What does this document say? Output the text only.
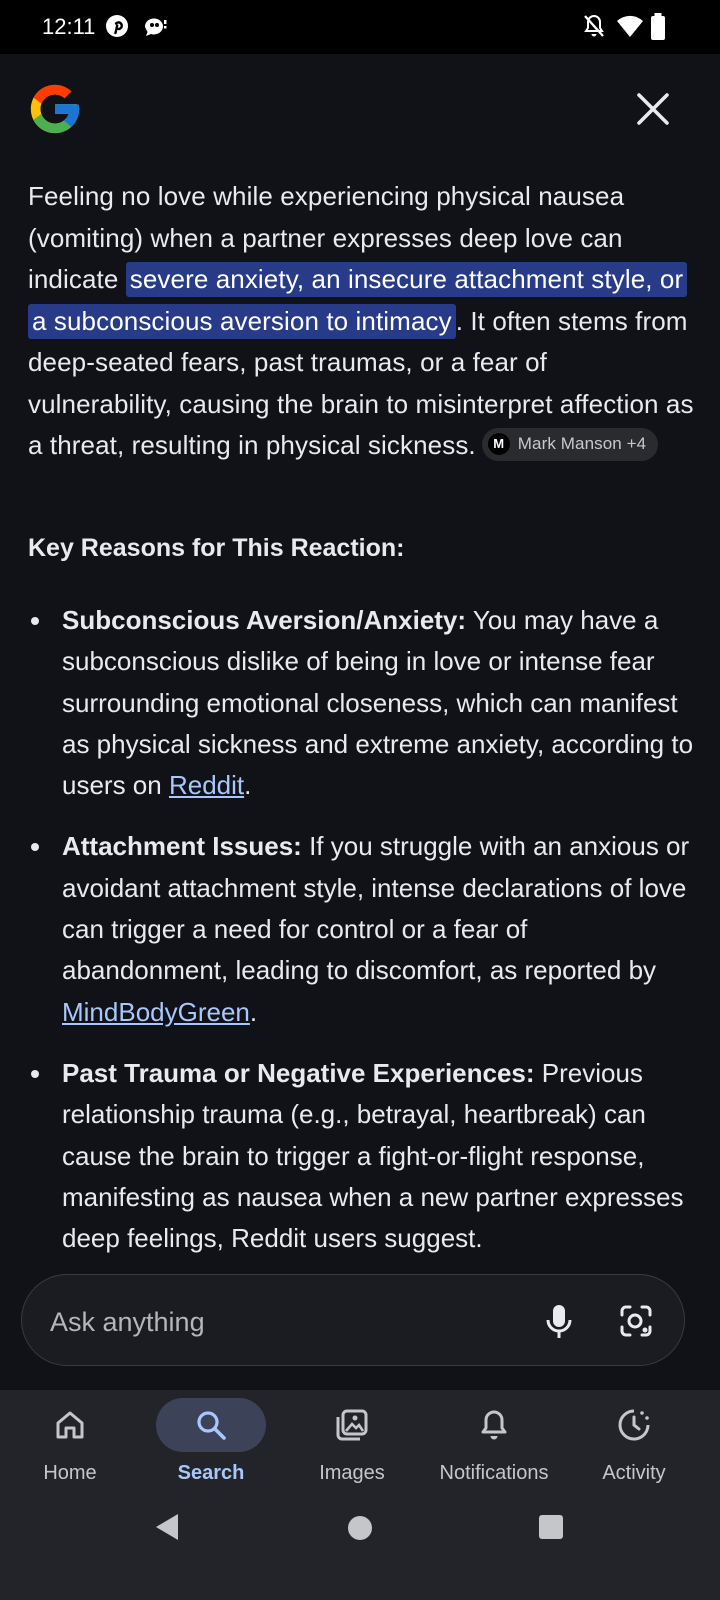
12:11

Feeling no love while experiencing physical nausea (vomiting) when a partner expresses deep love can indicate severe anxiety, an insecure attachment style, or a subconscious aversion to intimacy . It often stems from deep-seated fears, past traumas, or a fear of vulnerability, causing the brain to misinterpret affection as a threat, resulting in physical sickness.	M Mark Manson +4

Key Reasons for This Reaction:
Subconscious Aversion/Anxiety: You may have a subconscious dislike of being in love or intense fear surrounding emotional closeness, which can manifest as physical sickness and extreme anxiety, according to users on Reddit.
Attachment Issues: If you struggle with an anxious or avoidant attachment style, intense declarations of love can trigger a need for control or a fear of abandonment, leading to discomfort, as reported by MindBodyGreen.
Past Trauma or Negative Experiences: Previous relationship trauma (e.g., betrayal, heartbreak) can cause the brain to trigger a fight-or-flight response, manifesting as nausea when a new partner expresses deep feelings, Reddit users suggest.
Ask anything
Home	Search	Images	Notifications	Activity
